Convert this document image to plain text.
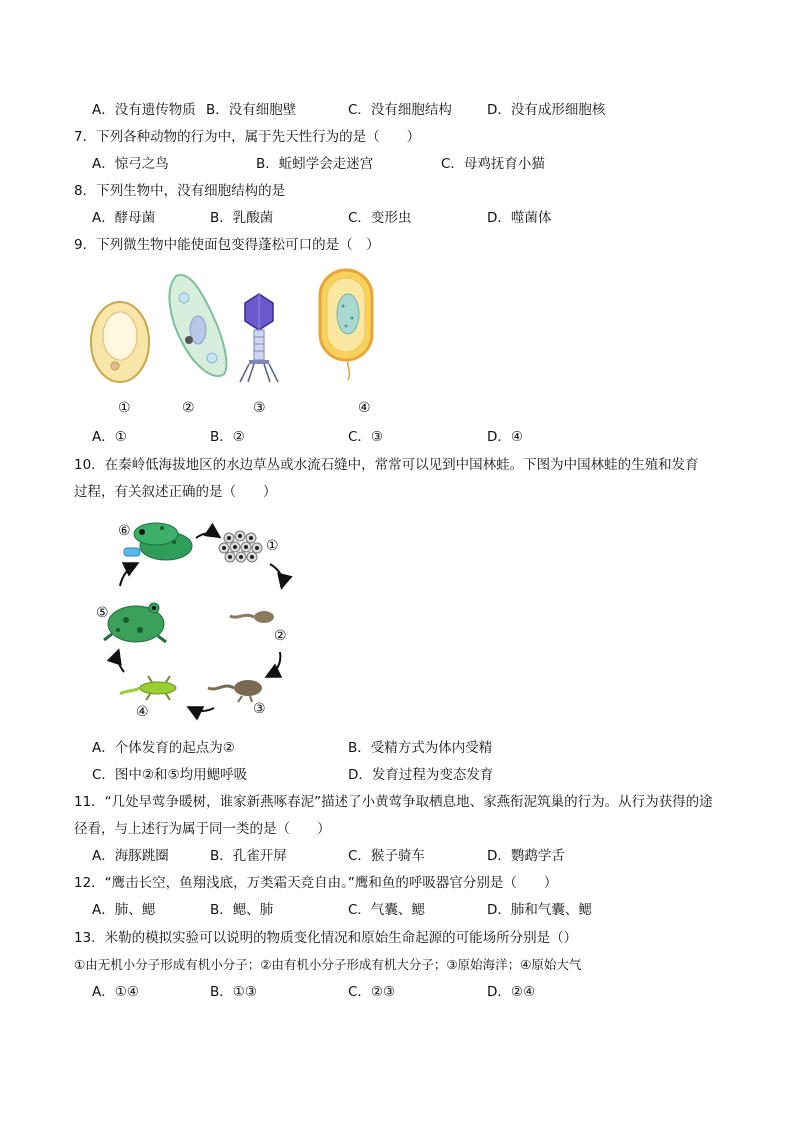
A．没有遗传物质 B．没有细胞壁	C．没有细胞结构	D．没有成形细胞核
7．下列各种动物的行为中，属于先天性行为的是（　　）
A．惊弓之鸟	B．蚯蚓学会走迷宫	C．母鸡抚育小猫
8．下列生物中，没有细胞结构的是
A．酵母菌	B．乳酸菌	C．变形虫	D．噬菌体
9．下列微生物中能使面包变得蓬松可口的是（　）
①	②	③	④
A．①	B．②	C．③	D．④
10．在秦岭低海拔地区的水边草丛或水流石缝中，常常可以见到中国林蛙。下图为中国林蛙的生殖和发育
过程，有关叙述正确的是（　　）
⑥
①
②
③
④
⑤
A．个体发育的起点为②	B．受精方式为体内受精
C．图中②和⑤均用鳃呼吸	D．发育过程为变态发育
11．“几处早莺争暖树，谁家新燕啄春泥”描述了小黄莺争取栖息地、家燕衔泥筑巢的行为。从行为获得的途
径看，与上述行为属于同一类的是（　　）
A．海豚跳圈	B．孔雀开屏	C．猴子骑车	D．鹦鹉学舌
12．“鹰击长空，鱼翔浅底，万类霜天竞自由。”鹰和鱼的呼吸器官分别是（　　）
A．肺、鳃	B．鳃、肺	C．气囊、鳃	D．肺和气囊、鳃
13．米勒的模拟实验可以说明的物质变化情况和原始生命起源的可能场所分别是（）
①由无机小分子形成有机小分子；②由有机小分子形成有机大分子；③原始海洋；④原始大气
A．①④	B．①③	C．②③	D．②④
